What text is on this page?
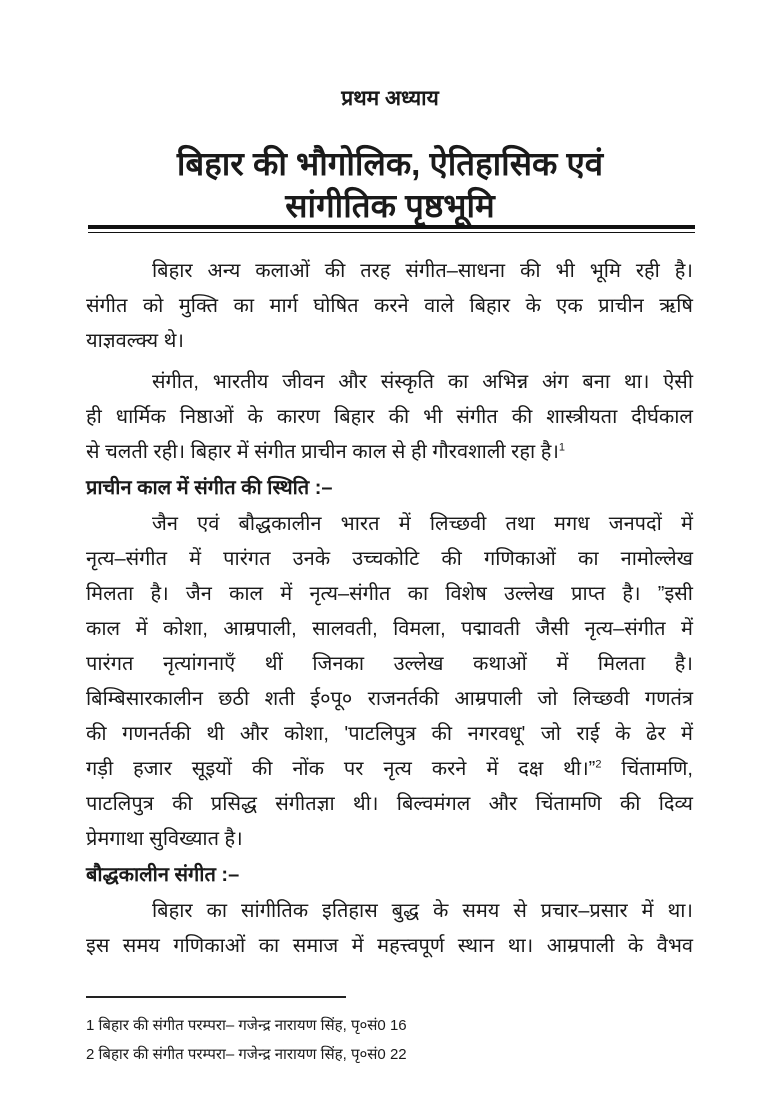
प्रथम अध्याय
बिहार की भौगोलिक, ऐतिहासिक एवं
सांगीतिक पृष्ठभूमि
बिहार अन्य कलाओं की तरह संगीत–साधना की भी भूमि रही है।
संगीत को मुक्ति का मार्ग घोषित करने वाले बिहार के एक प्राचीन ऋषि
याज्ञवल्क्य थे।
संगीत, भारतीय जीवन और संस्कृति का अभिन्न अंग बना था। ऐसी
ही धार्मिक निष्ठाओं के कारण बिहार की भी संगीत की शास्त्रीयता दीर्घकाल
से चलती रही। बिहार में संगीत प्राचीन काल से ही गौरवशाली रहा है।$^1$
प्राचीन काल में संगीत की स्थिति :–
जैन एवं बौद्धकालीन भारत में लिच्छवी तथा मगध जनपदों में
नृत्य–संगीत में पारंगत उनके उच्चकोटि की गणिकाओं का नामोल्लेख
मिलता है। जैन काल में नृत्य–संगीत का विशेष उल्लेख प्राप्त है। ”इसी
काल में कोशा, आम्रपाली, सालवती, विमला, पद्मावती जैसी नृत्य–संगीत में
पारंगत नृत्यांगनाएँ थीं जिनका उल्लेख कथाओं में मिलता है।
बिम्बिसारकालीन छठी शती ई०पू० राजनर्तकी आम्रपाली जो लिच्छवी गणतंत्र
की गणनर्तकी थी और कोशा, 'पाटलिपुत्र की नगरवधू' जो राई के ढेर में
गड़ी हजार सूइयों की नोंक पर नृत्य करने में दक्ष थी।”$^2$ चिंतामणि,
पाटलिपुत्र की प्रसिद्ध संगीतज्ञा थी। बिल्वमंगल और चिंतामणि की दिव्य
प्रेमगाथा सुविख्यात है।
बौद्धकालीन संगीत :–
बिहार का सांगीतिक इतिहास बुद्ध के समय से प्रचार–प्रसार में था।
इस समय गणिकाओं का समाज में महत्त्वपूर्ण स्थान था। आम्रपाली के वैभव
1 बिहार की संगीत परम्परा– गजेन्द्र नारायण सिंह, पृ०सं0 16
2 बिहार की संगीत परम्परा– गजेन्द्र नारायण सिंह, पृ०सं0 22
